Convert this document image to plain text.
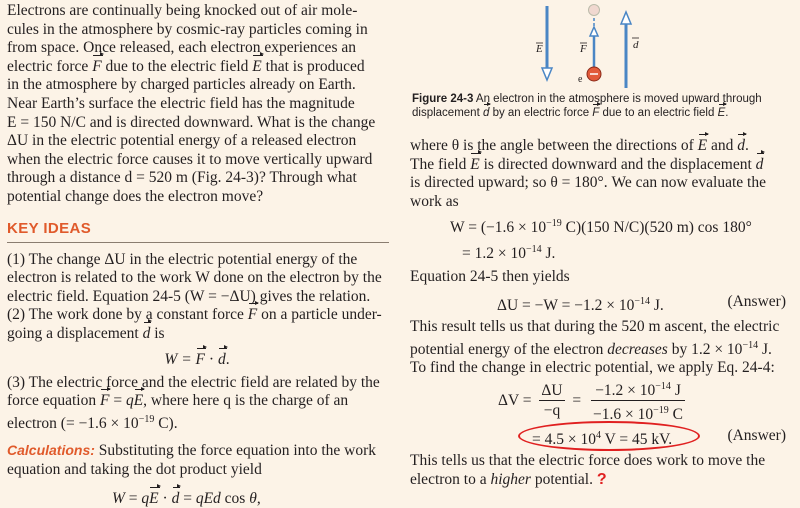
Electrons are continually being knocked out of air mole-

cules in the atmosphere by cosmic-ray particles coming in

from space. Once released, each electron experiences an

electric force F due to the electric field E that is produced

in the atmosphere by charged particles already on Earth.

Near Earth’s surface the electric field has the magnitude

E = 150 N/C and is directed downward. What is the change

ΔU in the electric potential energy of a released electron

when the electric force causes it to move vertically upward

through a distance d = 520 m (Fig. 24-3)? Through what

potential change does the electron move?

KEY IDEAS

(1) The change ΔU in the electric potential energy of the

electron is related to the work W done on the electron by the

electric field. Equation 24-5 (W = −ΔU) gives the relation.

(2) The work done by a constant force F on a particle under-

going a displacement d is

W = F · d.

(3) The electric force and the electric field are related by the

force equation F = qE, where here q is the charge of an

electron (= $-1.6 \times 10^{-19}$ C).

Calculations: Substituting the force equation into the work

equation and taking the dot product yield

W = qE · d = qEd cos θ,

E	F
e
d

Figure 24-3 An electron in the atmosphere is moved upward through

displacement d by an electric force F due to an electric field E.

where θ is the angle between the directions of E and d.

The field E is directed downward and the displacement d

is directed upward; so θ = 180°. We can now evaluate the

work as

$W = (-1.6 \times 10^{-19}$ C)(150 N/C)(520 m) cos 180°

= $1.2 \times 10^{-14}$ J.
Equation 24-5 then yields
$\Delta U = -W = -1.2 \times 10^{-14}$ J.	(Answer)

This result tells us that during the 520 m ascent, the electric

potential energy of the electron decreases by $1.2 \times 10^{-14}$ J.

To find the change in electric potential, we apply Eq. 24-4:

$\Delta V = \frac{\Delta U}{-q} = \frac{-1.2 \times 10^{-14} J}{-1.6 \times 10^{-19} C}$
= $4.5 \times 10^4$ V = 45 kV.	(Answer)

This tells us that the electric force does work to move the

electron to a higher potential. ?
